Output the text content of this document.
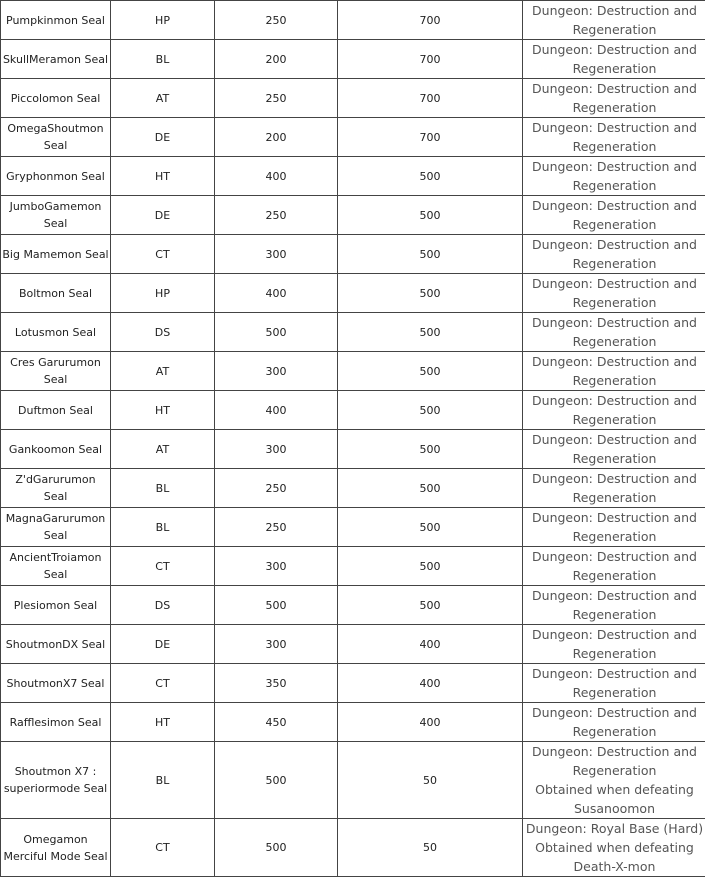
Pumpkinmon Seal	HP	250	700	Dungeon: Destruction and Regeneration
SkullMeramon Seal	BL	200	700	Dungeon: Destruction and Regeneration
Piccolomon Seal	AT	250	700	Dungeon: Destruction and Regeneration
OmegaShoutmon Seal	DE	200	700	Dungeon: Destruction and Regeneration
Gryphonmon Seal	HT	400	500	Dungeon: Destruction and Regeneration
JumboGamemon Seal	DE	250	500	Dungeon: Destruction and Regeneration
Big Mamemon Seal	CT	300	500	Dungeon: Destruction and Regeneration
Boltmon Seal	HP	400	500	Dungeon: Destruction and Regeneration
Lotusmon Seal	DS	500	500	Dungeon: Destruction and Regeneration
Cres Garurumon Seal	AT	300	500	Dungeon: Destruction and Regeneration
Duftmon Seal	HT	400	500	Dungeon: Destruction and Regeneration
Gankoomon Seal	AT	300	500	Dungeon: Destruction and Regeneration
Z'dGarurumon Seal	BL	250	500	Dungeon: Destruction and Regeneration
MagnaGarurumon Seal	BL	250	500	Dungeon: Destruction and Regeneration
AncientTroiamon Seal	CT	300	500	Dungeon: Destruction and Regeneration
Plesiomon Seal	DS	500	500	Dungeon: Destruction and Regeneration
ShoutmonDX Seal	DE	300	400	Dungeon: Destruction and Regeneration
ShoutmonX7 Seal	CT	350	400	Dungeon: Destruction and Regeneration
Rafflesimon Seal	HT	450	400	Dungeon: Destruction and Regeneration
Shoutmon X7 : superiormode Seal	BL	500	50	Dungeon: Destruction and Regeneration
Obtained when defeating Susanoomon

Omegamon Merciful Mode Seal	CT	500	50	Dungeon: Royal Base (Hard)
Obtained when defeating Death-X-mon
